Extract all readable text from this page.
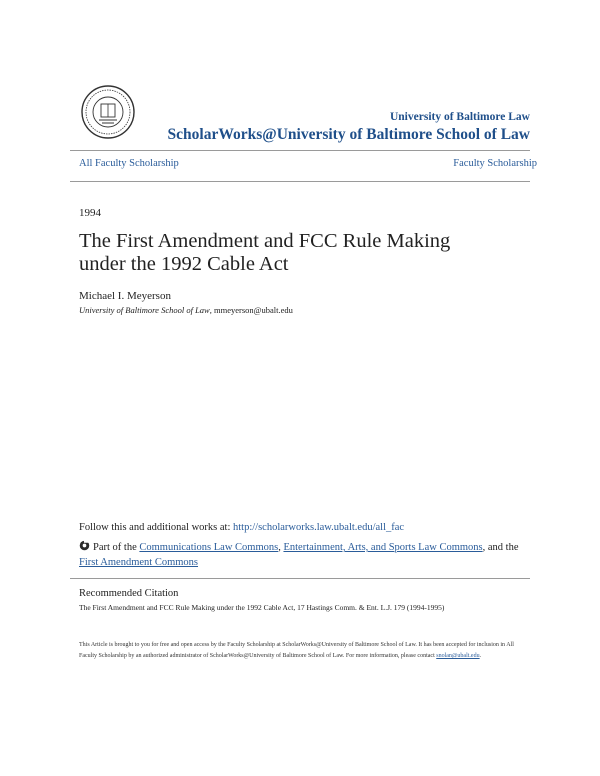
University of Baltimore Law
ScholarWorks@University of Baltimore School of Law
All Faculty Scholarship	Faculty Scholarship
1994
The First Amendment and FCC Rule Making
under the 1992 Cable Act
Michael I. Meyerson
University of Baltimore School of Law, mmeyerson@ubalt.edu
Follow this and additional works at: http://scholarworks.law.ubalt.edu/all_fac
Part of the Communications Law Commons, Entertainment, Arts, and Sports Law Commons, and the First Amendment Commons
Recommended Citation
The First Amendment and FCC Rule Making under the 1992 Cable Act, 17 Hastings Comm. & Ent. L.J. 179 (1994-1995)
This Article is brought to you for free and open access by the Faculty Scholarship at ScholarWorks@University of Baltimore School of Law. It has been accepted for inclusion in All Faculty Scholarship by an authorized administrator of ScholarWorks@University of Baltimore School of Law. For more information, please contact snolan@ubalt.edu.
